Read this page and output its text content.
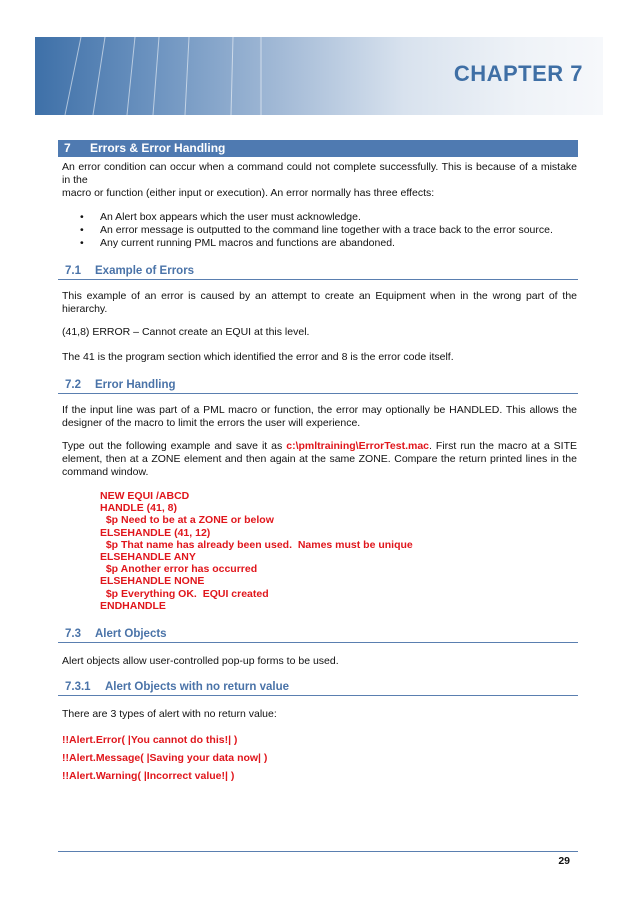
CHAPTER 7
7 Errors & Error Handling

An error condition can occur when a command could not complete successfully. This is because of a mistake in the
macro or function (either input or execution). An error normally has three effects:

• An Alert box appears which the user must acknowledge.
• An error message is outputted to the command line together with a trace back to the error source.
• Any current running PML macros and functions are abandoned.
7.1 Example of Errors

This example of an error is caused by an attempt to create an Equipment when in the wrong part of the hierarchy.

(41,8) ERROR – Cannot create an EQUI at this level.

The 41 is the program section which identified the error and 8 is the error code itself.

7.2 Error Handling

If the input line was part of a PML macro or function, the error may optionally be HANDLED. This allows the designer of the macro to limit the errors the user will experience.

Type out the following example and save it as c:\pmltraining\ErrorTest.mac. First run the macro at a SITE element, then at a ZONE element and then again at the same ZONE. Compare the return printed lines in the command window.

NEW EQUI /ABCD
HANDLE (41, 8)
$p Need to be at a ZONE or below
ELSEHANDLE (41, 12)
$p That name has already been used.  Names must be unique
ELSEHANDLE ANY
$p Another error has occurred
ELSEHANDLE NONE
$p Everything OK.  EQUI created
ENDHANDLE
7.3 Alert Objects

Alert objects allow user-controlled pop-up forms to be used.

7.3.1 Alert Objects with no return value

There are 3 types of alert with no return value:

!!Alert.Error( |You cannot do this!| )

!!Alert.Message( |Saving your data now| )

!!Alert.Warning( |Incorrect value!| )

29
